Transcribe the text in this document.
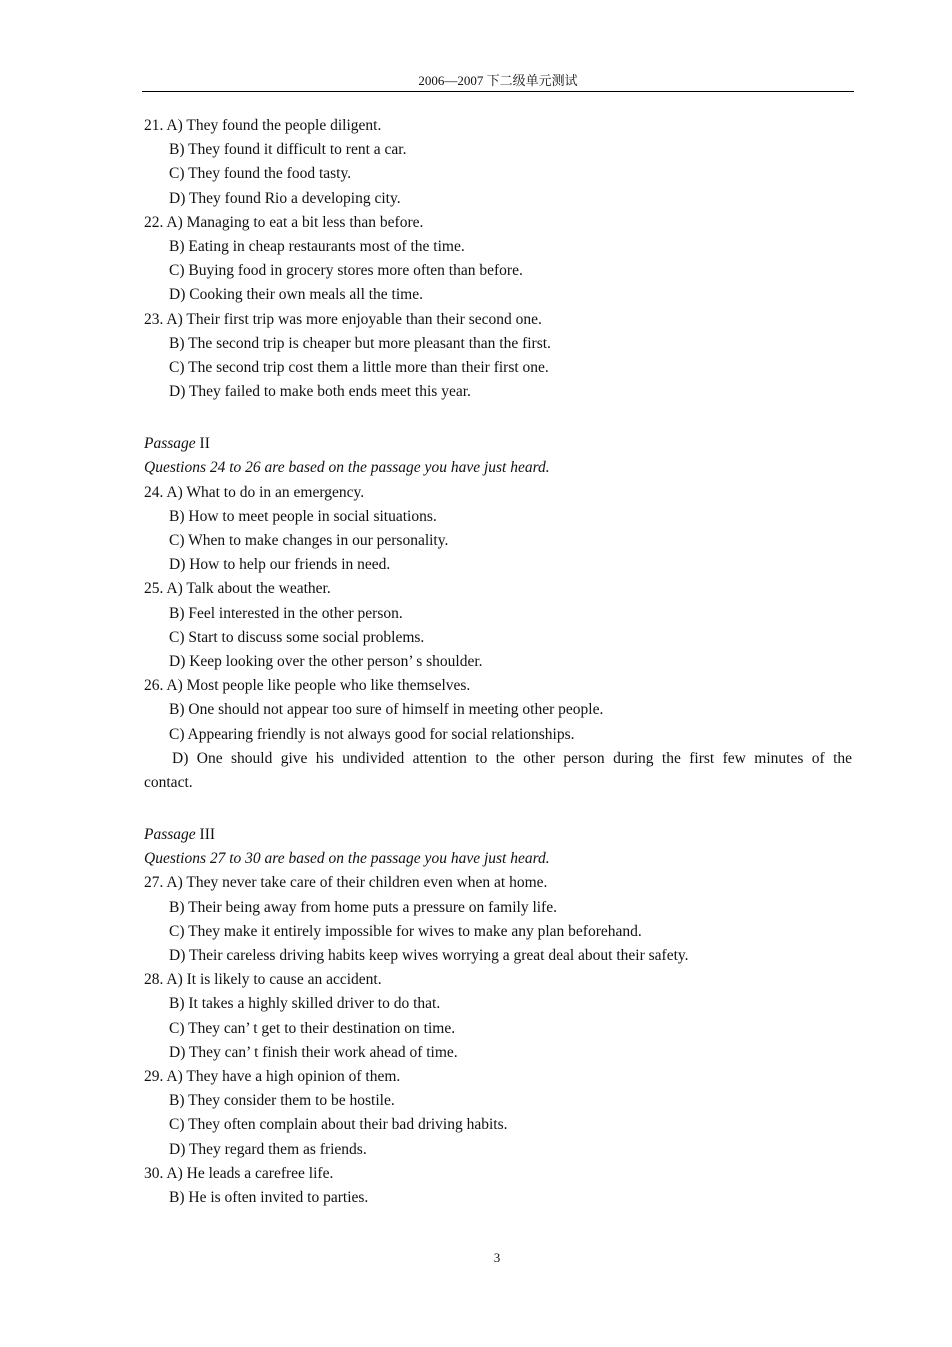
2006—2007 下二级单元测试
21. A) They found the people diligent.
B) They found it difficult to rent a car.
C) They found the food tasty.
D) They found Rio a developing city.
22. A) Managing to eat a bit less than before.
B) Eating in cheap restaurants most of the time.
C) Buying food in grocery stores more often than before.
D) Cooking their own meals all the time.
23. A) Their first trip was more enjoyable than their second one.
B) The second trip is cheaper but more pleasant than the first.
C) The second trip cost them a little more than their first one.
D) They failed to make both ends meet this year.
Passage II
Questions 24 to 26 are based on the passage you have just heard.
24. A) What to do in an emergency.
B) How to meet people in social situations.
C) When to make changes in our personality.
D) How to help our friends in need.
25. A) Talk about the weather.
B) Feel interested in the other person.
C) Start to discuss some social problems.
D) Keep looking over the other person’ s shoulder.
26. A) Most people like people who like themselves.
B) One should not appear too sure of himself in meeting other people.
C) Appearing friendly is not always good for social relationships.
D) One should give his undivided attention to the other person during the first few minutes of the
contact.
Passage III
Questions 27 to 30 are based on the passage you have just heard.
27. A) They never take care of their children even when at home.
B) Their being away from home puts a pressure on family life.
C) They make it entirely impossible for wives to make any plan beforehand.
D) Their careless driving habits keep wives worrying a great deal about their safety.
28. A) It is likely to cause an accident.
B) It takes a highly skilled driver to do that.
C) They can’ t get to their destination on time.
D) They can’ t finish their work ahead of time.
29. A) They have a high opinion of them.
B) They consider them to be hostile.
C) They often complain about their bad driving habits.
D) They regard them as friends.
30. A) He leads a carefree life.
B) He is often invited to parties.
3
